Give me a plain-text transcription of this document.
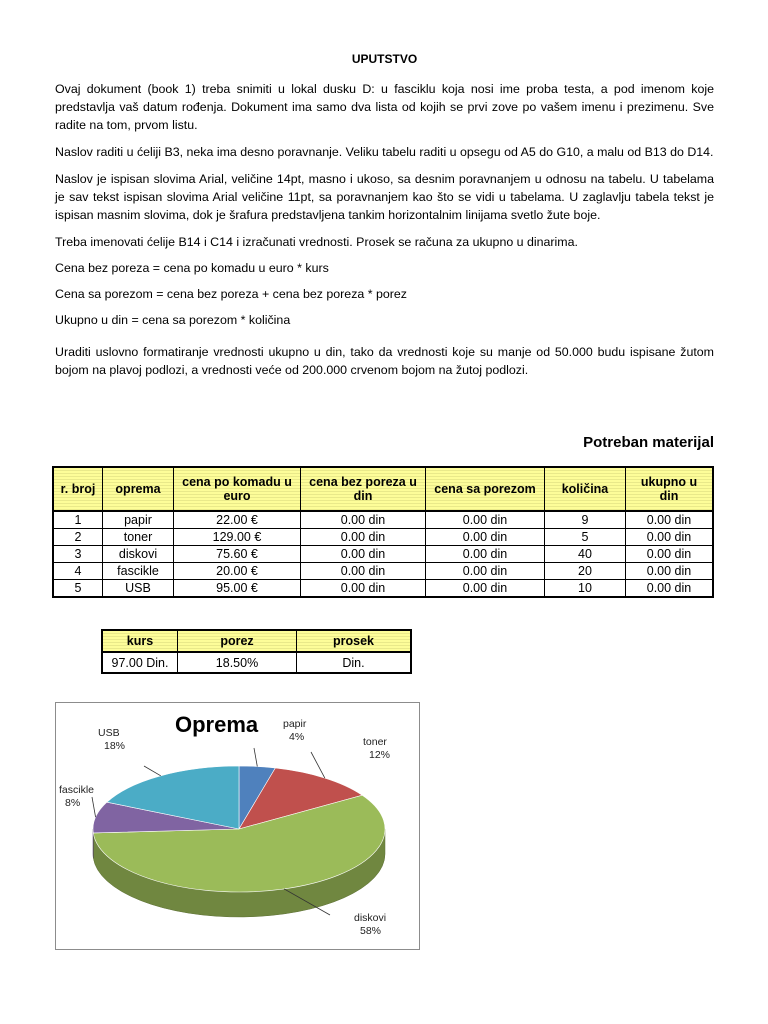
UPUTSTVO

Ovaj dokument (book 1) treba snimiti u lokal dusku D: u fasciklu koja nosi ime proba testa, a pod imenom koje predstavlja vaš datum rođenja. Dokument ima samo dva lista od kojih se prvi zove po vašem imenu i prezimenu. Sve radite na tom, prvom listu.

Naslov raditi u ćeliji B3, neka ima desno poravnanje. Veliku tabelu raditi u opsegu od A5 do G10, a malu od B13 do D14.

Naslov je ispisan slovima Arial, veličine 14pt, masno i ukoso, sa desnim poravnanjem u odnosu na tabelu. U tabelama je sav tekst ispisan slovima Arial veličine 11pt, sa poravnanjem kao što se vidi u tabelama. U zaglavlju tabela tekst je ispisan masnim slovima, dok je šrafura predstavljena tankim horizontalnim linijama svetlo žute boje.

Treba imenovati ćelije B14 i C14 i izračunati vrednosti. Prosek se računa za ukupno u dinarima.

Cena bez poreza = cena po komadu u euro * kurs

Cena sa porezom = cena bez poreza + cena bez poreza * porez

Ukupno u din = cena sa porezom * količina

Uraditi uslovno formatiranje vrednosti ukupno u din, tako da vrednosti koje su manje od 50.000 budu ispisane žutom bojom na plavoj podlozi, a vrednosti veće od 200.000 crvenom bojom na žutoj podlozi.

Potreban materijal
r. broj	oprema	cena po komadu u euro	cena bez poreza u din	cena sa porezom	količina	ukupno u din
1	papir	22.00 €	0.00 din	0.00 din	9	0.00 din
2	toner	129.00 €	0.00 din	0.00 din	5	0.00 din
3	diskovi	75.60 €	0.00 din	0.00 din	40	0.00 din
4	fascikle	20.00 €	0.00 din	0.00 din	20	0.00 din
5	USB	95.00 €	0.00 din	0.00 din	10	0.00 din
kurs	porez	prosek
97.00 Din.	18.50%	Din.
Oprema papir
4%	toner
12%
diskovi
58%
fascikle
8%
USB
18%
